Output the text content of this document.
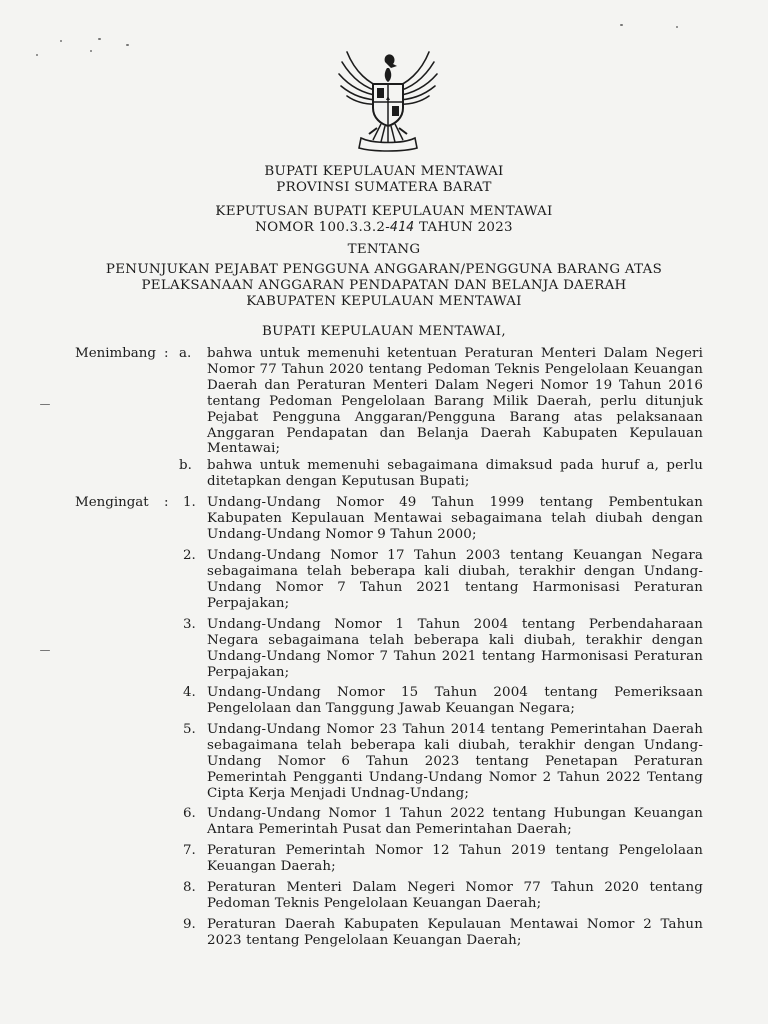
BUPATI KEPULAUAN MENTAWAI
PROVINSI SUMATERA BARAT
KEPUTUSAN BUPATI KEPULAUAN MENTAWAI
NOMOR 100.3.3.2-414 TAHUN 2023
TENTANG
PENUNJUKAN PEJABAT PENGGUNA ANGGARAN/PENGGUNA BARANG ATAS
PELAKSANAAN ANGGARAN PENDAPATAN DAN BELANJA DAERAH
KABUPATEN KEPULAUAN MENTAWAI
BUPATI KEPULAUAN MENTAWAI,
Menimbang : a. bahwa untuk memenuhi ketentuan Peraturan Menteri Dalam Negeri Nomor 77 Tahun 2020 tentang Pedoman Teknis Pengelolaan Keuangan Daerah dan Peraturan Menteri Dalam Negeri Nomor 19 Tahun 2016 tentang Pedoman Pengelolaan Barang Milik Daerah, perlu ditunjuk Pejabat Pengguna Anggaran/Pengguna Barang atas pelaksanaan Anggaran Pendapatan dan Belanja Daerah Kabupaten Kepulauan Mentawai;
b. bahwa untuk memenuhi sebagaimana dimaksud pada huruf a, perlu ditetapkan dengan Keputusan Bupati;
Mengingat : 1. Undang-Undang Nomor 49 Tahun 1999 tentang Pembentukan Kabupaten Kepulauan Mentawai sebagaimana telah diubah dengan Undang-Undang Nomor 9 Tahun 2000;
2. Undang-Undang Nomor 17 Tahun 2003 tentang Keuangan Negara sebagaimana telah beberapa kali diubah, terakhir dengan Undang-Undang Nomor 7 Tahun 2021 tentang Harmonisasi Peraturan Perpajakan;
3. Undang-Undang Nomor 1 Tahun 2004 tentang Perbendaharaan Negara sebagaimana telah beberapa kali diubah, terakhir dengan Undang-Undang Nomor 7 Tahun 2021 tentang Harmonisasi Peraturan Perpajakan;
4. Undang-Undang Nomor 15 Tahun 2004 tentang Pemeriksaan Pengelolaan dan Tanggung Jawab Keuangan Negara;
5. Undang-Undang Nomor 23 Tahun 2014 tentang Pemerintahan Daerah sebagaimana telah beberapa kali diubah, terakhir dengan Undang-Undang Nomor 6 Tahun 2023 tentang Penetapan Peraturan Pemerintah Pengganti Undang-Undang Nomor 2 Tahun 2022 Tentang Cipta Kerja Menjadi Undnag-Undang;
6. Undang-Undang Nomor 1 Tahun 2022 tentang Hubungan Keuangan Antara Pemerintah Pusat dan Pemerintahan Daerah;
7. Peraturan Pemerintah Nomor 12 Tahun 2019 tentang Pengelolaan Keuangan Daerah;
8. Peraturan Menteri Dalam Negeri Nomor 77 Tahun 2020 tentang Pedoman Teknis Pengelolaan Keuangan Daerah;
9. Peraturan Daerah Kabupaten Kepulauan Mentawai Nomor 2 Tahun 2023 tentang Pengelolaan Keuangan Daerah;
